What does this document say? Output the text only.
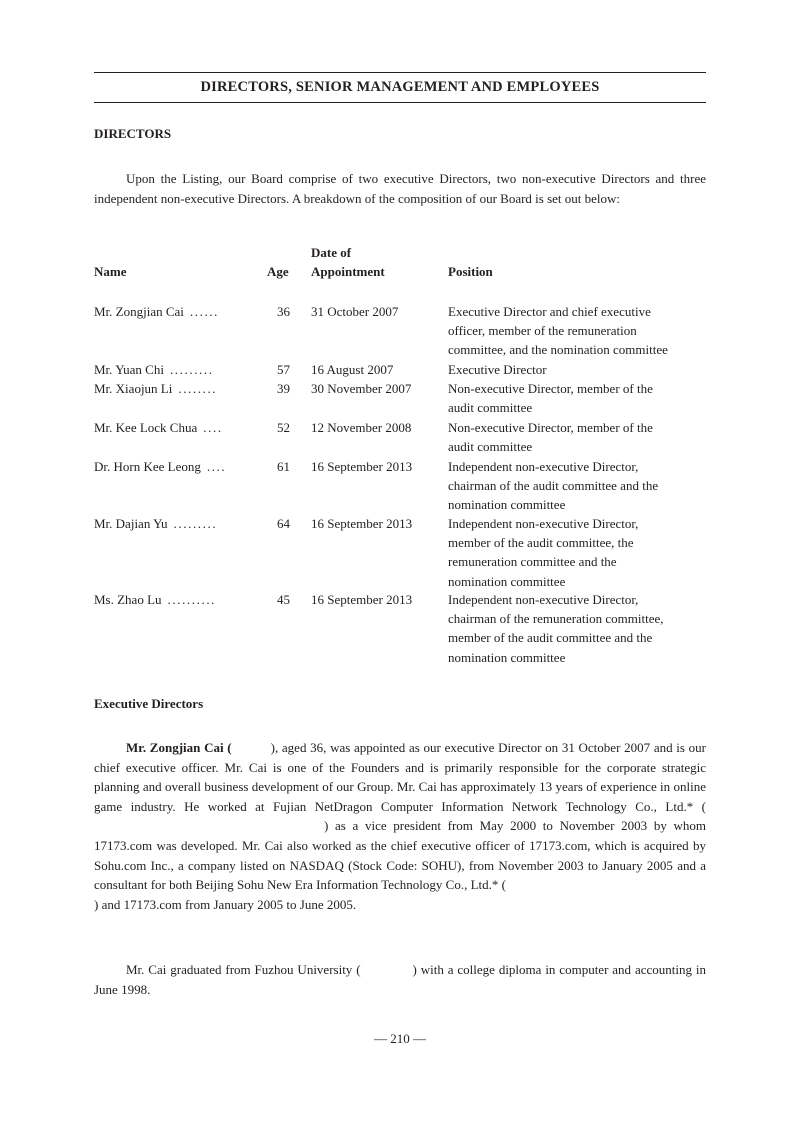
DIRECTORS, SENIOR MANAGEMENT AND EMPLOYEES
DIRECTORS
Upon the Listing, our Board comprise of two executive Directors, two non-executive Directors and three independent non-executive Directors. A breakdown of the composition of our Board is set out below:
Date of
Name	Age Appointment	Position
Mr. Zongjian Cai ......	36 31 October 2007	Executive Director and chief executive
officer, member of the remuneration
committee, and the nomination committee
Mr. Yuan Chi .........	57 16 August 2007	Executive Director
Mr. Xiaojun Li ........	39 30 November 2007	Non-executive Director, member of the
audit committee
Mr. Kee Lock Chua ....	52 12 November 2008	Non-executive Director, member of the
audit committee
Dr. Horn Kee Leong ....	61 16 September 2013	Independent non-executive Director,
chairman of the audit committee and the
nomination committee
Mr. Dajian Yu .........	64 16 September 2013	Independent non-executive Director,
member of the audit committee, the
remuneration committee and the
nomination committee
Ms. Zhao Lu ..........	45 16 September 2013	Independent non-executive Director,
chairman of the remuneration committee,
member of the audit committee and the
nomination committee
Executive Directors
Mr. Zongjian Cai (	), aged 36, was appointed as our executive Director on 31 October 2007 and is our chief executive officer. Mr. Cai is one of the Founders and is primarily responsible for the corporate strategic planning and overall business development of our Group. Mr. Cai has approximately 13 years of experience in online game industry. He worked at Fujian NetDragon Computer Information Network Technology Co., Ltd.* () as a vice president from May 2000 to November 2003 by whom 17173.com was developed. Mr. Cai also worked as the chief executive officer of 17173.com, which is acquired by Sohu.com Inc., a company listed on NASDAQ (Stock Code: SOHU), from November 2003 to January 2005 and a consultant for both Beijing Sohu New Era Information Technology Co., Ltd.* () and 17173.com from January 2005 to June 2005.
Mr. Cai graduated from Fuzhou University (	) with a college diploma in computer and accounting in June 1998.
— 210 —
